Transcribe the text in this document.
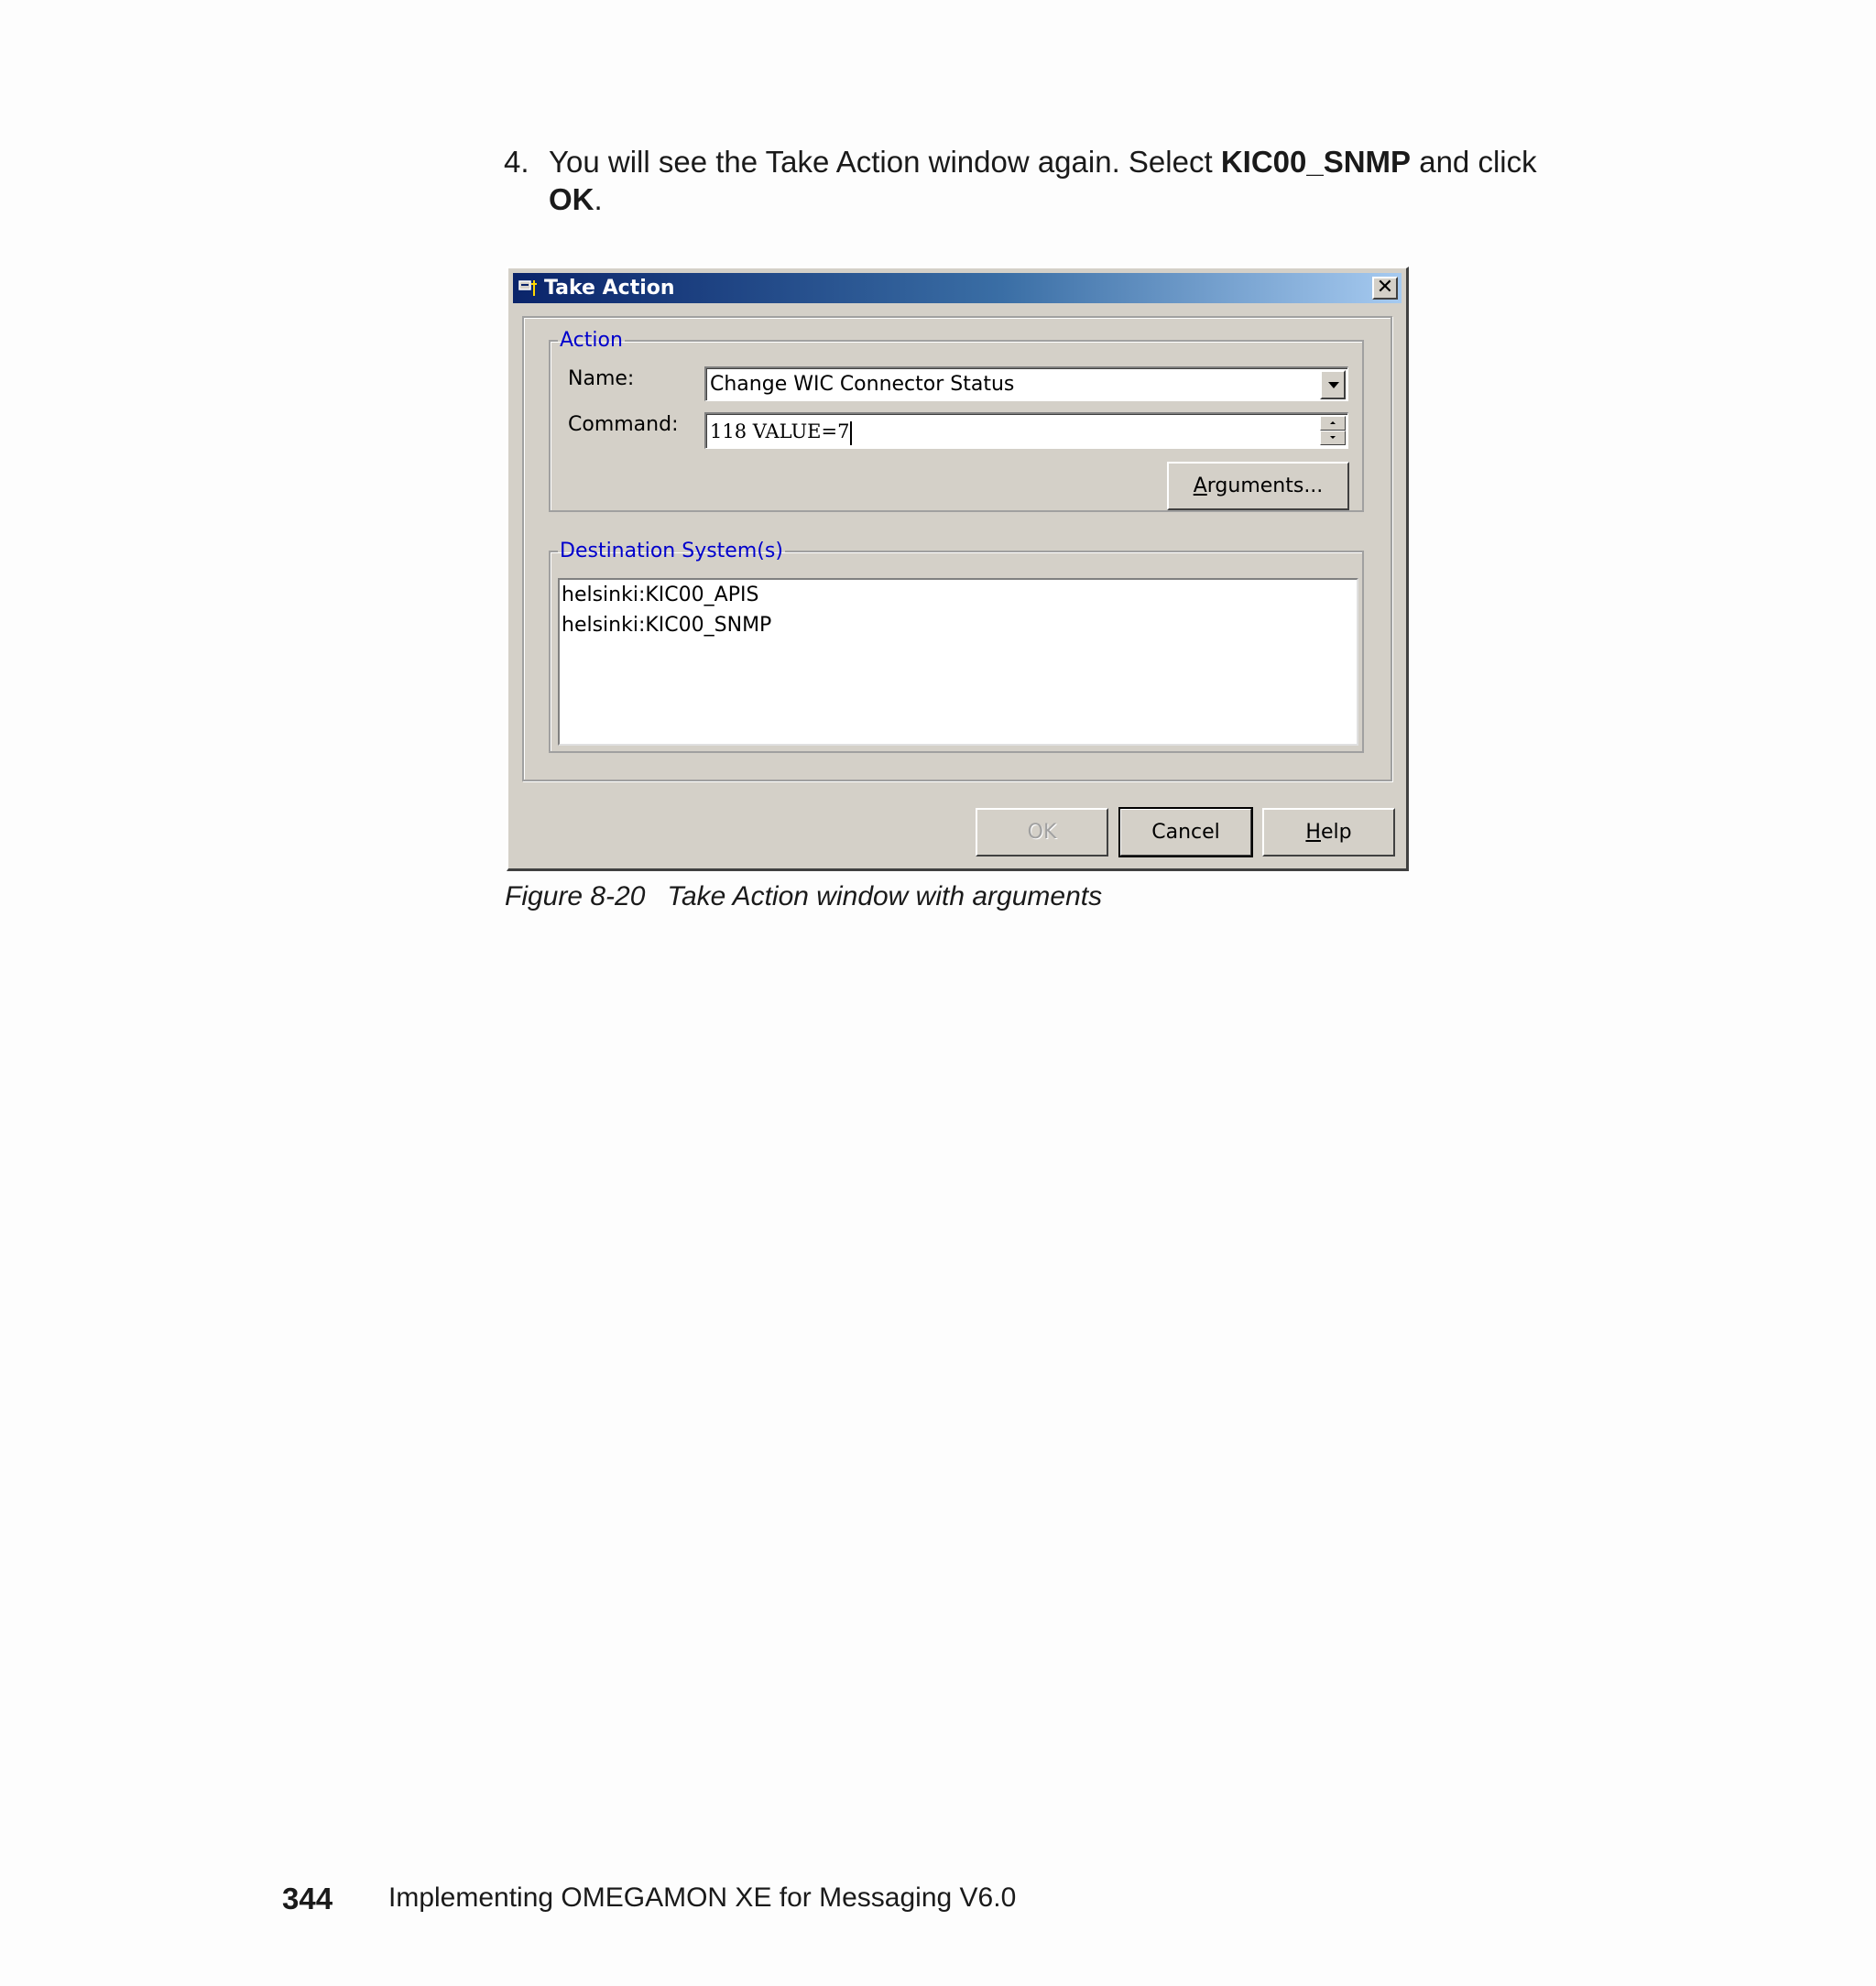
4. You will see the Take Action window again. Select KIC00_SNMP and click
OK.
Take Action	✕
Action
Name:	Change WIC Connector Status
Command: 118 VALUE=7
Arguments...
Destination System(s)
helsinki:KIC00_APIS
helsinki:KIC00_SNMP
OK	Cancel	Help
Figure 8-20 Take Action window with arguments
344 Implementing OMEGAMON XE for Messaging V6.0
